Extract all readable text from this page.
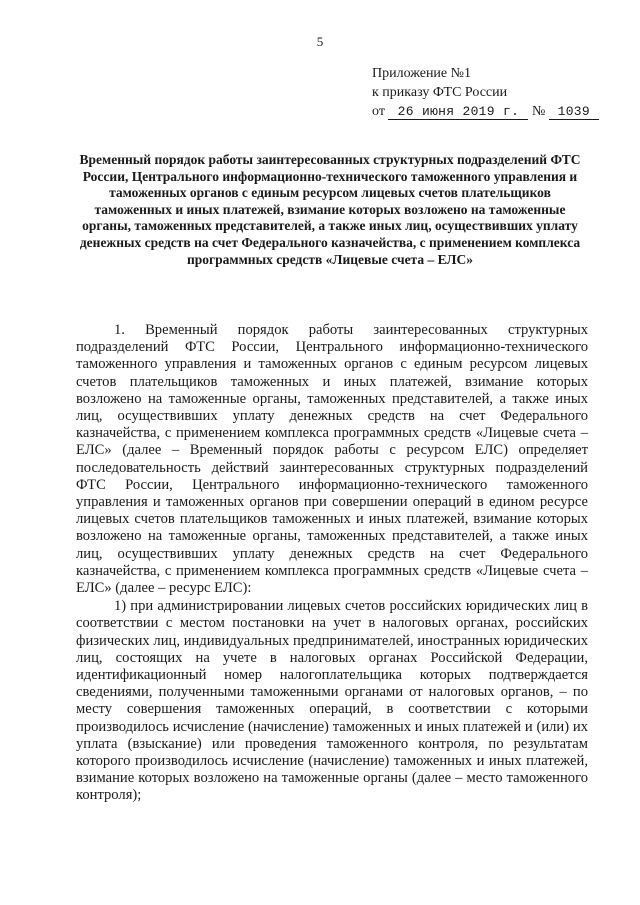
5
Приложение №1
к приказу ФТС России
от 26 июня 2019 г. № 1039
Временный порядок работы заинтересованных структурных подразделений ФТС России, Центрального информационно-технического таможенного управления и таможенных органов с единым ресурсом лицевых счетов плательщиков таможенных и иных платежей, взимание которых возложено на таможенные органы, таможенных представителей, а также иных лиц, осуществивших уплату денежных средств на счет Федерального казначейства, с применением комплекса программных средств «Лицевые счета – ЕЛС»

1. Временный порядок работы заинтересованных структурных подразделений ФТС России, Центрального информационно-технического таможенного управления и таможенных органов с единым ресурсом лицевых счетов плательщиков таможенных и иных платежей, взимание которых возложено на таможенные органы, таможенных представителей, а также иных лиц, осуществивших уплату денежных средств на счет Федерального казначейства, с применением комплекса программных средств «Лицевые счета – ЕЛС» (далее – Временный порядок работы с ресурсом ЕЛС) определяет последовательность действий заинтересованных структурных подразделений ФТС России, Центрального информационно-технического таможенного управления и таможенных органов при совершении операций в едином ресурсе лицевых счетов плательщиков таможенных и иных платежей, взимание которых возложено на таможенные органы, таможенных представителей, а также иных лиц, осуществивших уплату денежных средств на счет Федерального казначейства, с применением комплекса программных средств «Лицевые счета – ЕЛС» (далее – ресурс ЕЛС):

1) при администрировании лицевых счетов российских юридических лиц в соответствии с местом постановки на учет в налоговых органах, российских физических лиц, индивидуальных предпринимателей, иностранных юридических лиц, состоящих на учете в налоговых органах Российской Федерации, идентификационный номер налогоплательщика которых подтверждается сведениями, полученными таможенными органами от налоговых органов, – по месту совершения таможенных операций, в соответствии с которыми производилось исчисление (начисление) таможенных и иных платежей и (или) их уплата (взыскание) или проведения таможенного контроля, по результатам которого производилось исчисление (начисление) таможенных и иных платежей, взимание которых возложено на таможенные органы (далее – место таможенного контроля);
